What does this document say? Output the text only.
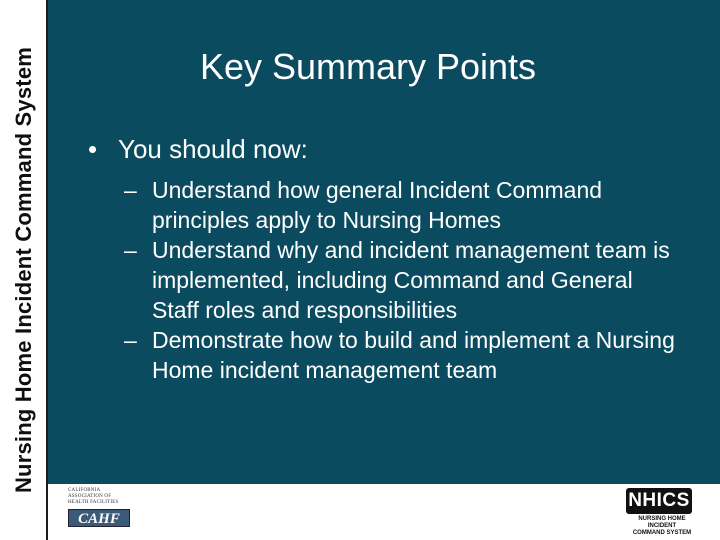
Nursing Home Incident Command System	Key Summary Points
• You should now:
– Understand how general Incident Command principles apply to Nursing Homes
– Understand why and incident management team is implemented, including Command and General Staff roles and responsibilities
– Demonstrate how to build and implement a Nursing Home incident management team
CALIFORNIA
ASSOCIATION OF
HEALTH FACILITIES
CAHF
NHICS
NURSING HOME INCIDENT
COMMAND SYSTEM
